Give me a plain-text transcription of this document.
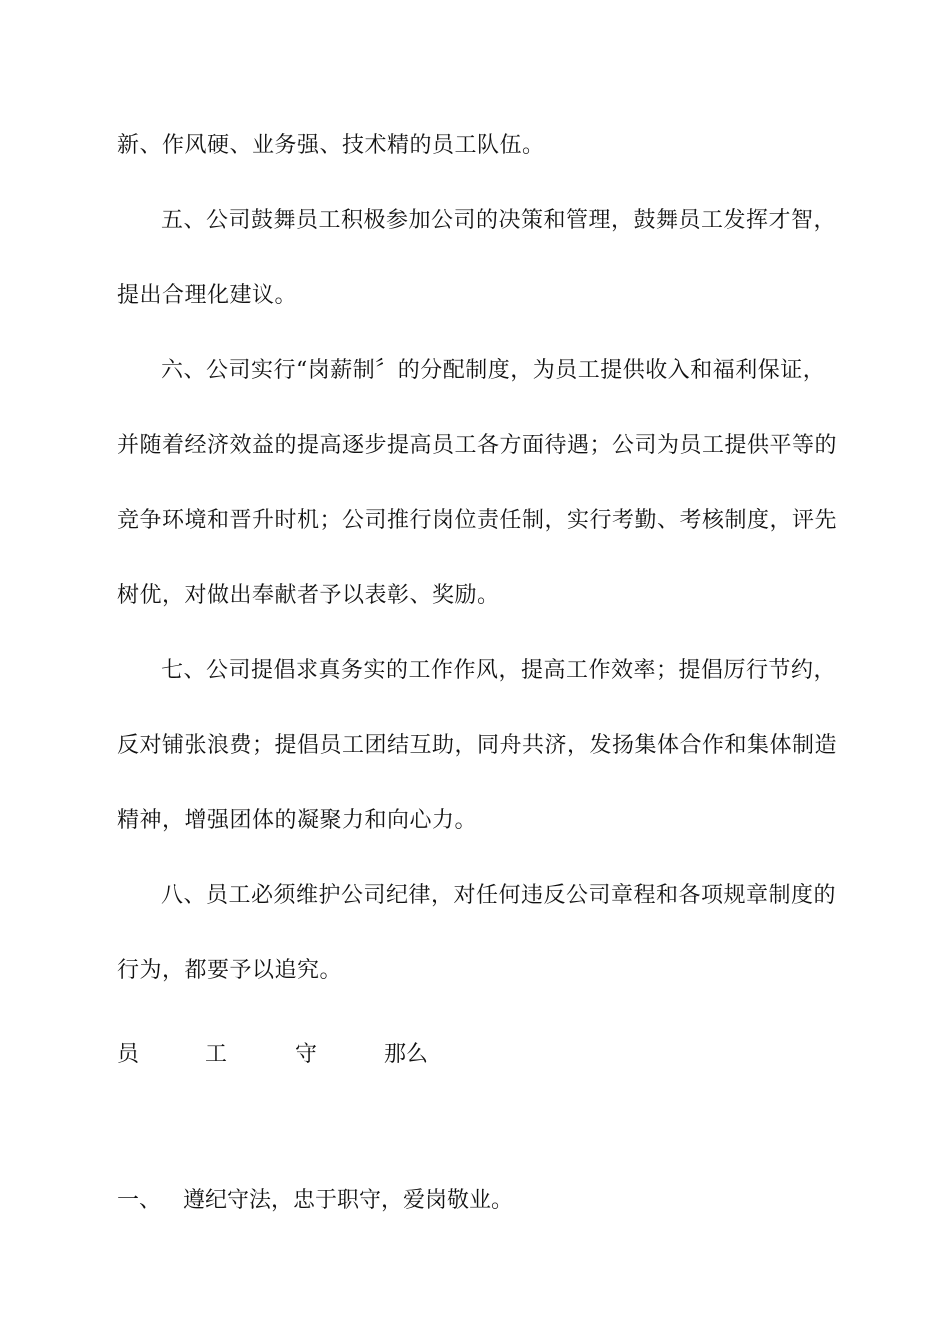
新、作风硬、业务强、技术精的员工队伍。
五、公司鼓舞员工积极参加公司的决策和管理，鼓舞员工发挥才智，
提出合理化建议。
六、公司实行“岗薪制〞的分配制度，为员工提供收入和福利保证，
并随着经济效益的提高逐步提高员工各方面待遇；公司为员工提供平等的
竞争环境和晋升时机；公司推行岗位责任制，实行考勤、考核制度，评先
树优，对做出奉献者予以表彰、奖励。
七、公司提倡求真务实的工作作风，提高工作效率；提倡厉行节约，
反对铺张浪费；提倡员工团结互助，同舟共济，发扬集体合作和集体制造
精神，增强团体的凝聚力和向心力。
八、员工必须维护公司纪律，对任何违反公司章程和各项规章制度的
行为，都要予以追究。
员	工	守	那么
一、 遵纪守法，忠于职守，爱岗敬业。
